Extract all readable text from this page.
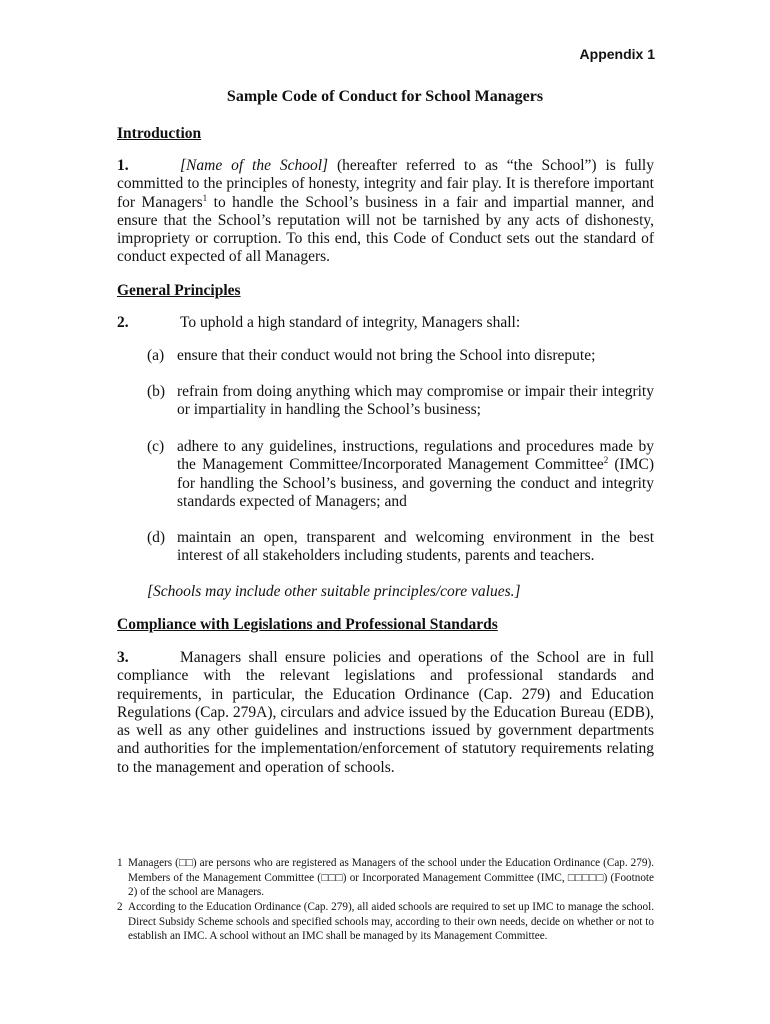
Appendix 1
Sample Code of Conduct for School Managers
Introduction
1.	[Name of the School] (hereafter referred to as “the School”) is fully committed to the principles of honesty, integrity and fair play. It is therefore important for Managers$^1$ to handle the School’s business in a fair and impartial manner, and ensure that the School’s reputation will not be tarnished by any acts of dishonesty, impropriety or corruption. To this end, this Code of Conduct sets out the standard of conduct expected of all Managers.
General Principles
2.	To uphold a high standard of integrity, Managers shall:
(a) ensure that their conduct would not bring the School into disrepute;
(b) refrain from doing anything which may compromise or impair their integrity or impartiality in handling the School’s business;
(c) adhere to any guidelines, instructions, regulations and procedures made by the Management Committee/Incorporated Management Committee$^2$ (IMC) for handling the School’s business, and governing the conduct and integrity standards expected of Managers; and
(d) maintain an open, transparent and welcoming environment in the best interest of all stakeholders including students, parents and teachers.
[Schools may include other suitable principles/core values.]
Compliance with Legislations and Professional Standards
3.	Managers shall ensure policies and operations of the School are in full compliance with the relevant legislations and professional standards and requirements, in particular, the Education Ordinance (Cap. 279) and Education Regulations (Cap. 279A), circulars and advice issued by the Education Bureau (EDB), as well as any other guidelines and instructions issued by government departments and authorities for the implementation/enforcement of statutory requirements relating to the management and operation of schools.
1 Managers (□□) are persons who are registered as Managers of the school under the Education Ordinance (Cap. 279). Members of the Management Committee (□□□) or Incorporated Management Committee (IMC, □□□□□) (Footnote 2) of the school are Managers.
2 According to the Education Ordinance (Cap. 279), all aided schools are required to set up IMC to manage the school. Direct Subsidy Scheme schools and specified schools may, according to their own needs, decide on whether or not to establish an IMC. A school without an IMC shall be managed by its Management Committee.
